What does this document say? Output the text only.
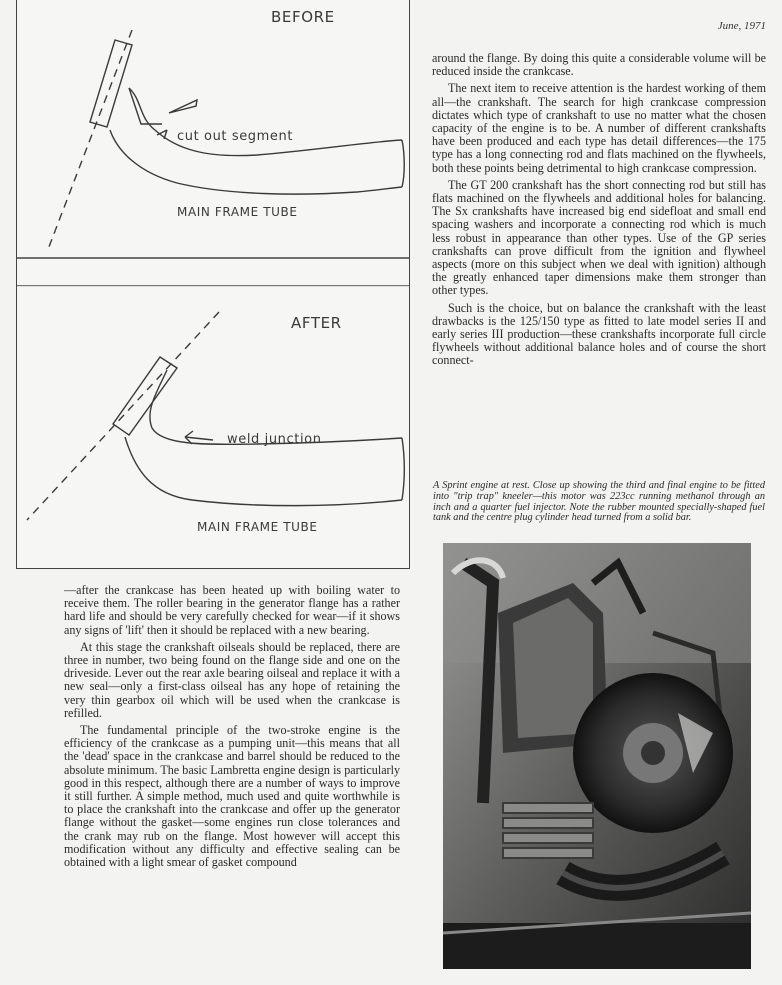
June, 1971
BEFORE
cut out segment
MAIN FRAME TUBE
AFTER
weld junction
MAIN FRAME TUBE

around the flange. By doing this quite a considerable volume will be reduced inside the crankcase.

The next item to receive attention is the hardest working of them all—the crankshaft. The search for high crankcase compression dictates which type of crankshaft to use no matter what the chosen capacity of the engine is to be. A number of different crankshafts have been produced and each type has detail differences—the 175 type has a long connecting rod and flats machined on the flywheels, both these points being detrimental to high crankcase compression.

The GT 200 crankshaft has the short connecting rod but still has flats machined on the flywheels and additional holes for balancing. The Sx crankshafts have increased big end sidefloat and small end spacing washers and incorporate a connecting rod which is much less robust in appearance than other types. Use of the GP series crankshafts can prove difficult from the ignition and flywheel aspects (more on this subject when we deal with ignition) although the greatly enhanced taper dimensions make them stronger than other types.

Such is the choice, but on balance the crankshaft with the least drawbacks is the 125/150 type as fitted to late model series II and early series III production—these crankshafts incorporate full circle flywheels without additional balance holes and of course the short connect-

A Sprint engine at rest. Close up showing the third and final engine to be fitted into "trip trap" kneeler—this motor was 223cc running methanol through an inch and a quarter fuel injector. Note the rubber mounted specially-shaped fuel tank and the centre plug cylinder head turned from a solid bar.

—after the crankcase has been heated up with boiling water to receive them. The roller bearing in the generator flange has a rather hard life and should be very carefully checked for wear—if it shows any signs of 'lift' then it should be replaced with a new bearing.

At this stage the crankshaft oilseals should be replaced, there are three in number, two being found on the flange side and one on the driveside. Lever out the rear axle bearing oilseal and replace it with a new seal—only a first-class oilseal has any hope of retaining the very thin gearbox oil which will be used when the crankcase is refilled.

The fundamental principle of the two-stroke engine is the efficiency of the crankcase as a pumping unit—this means that all the 'dead' space in the crankcase and barrel should be reduced to the absolute minimum. The basic Lambretta engine design is particularly good in this respect, although there are a number of ways to improve it still further. A simple method, much used and quite worthwhile is to place the crankshaft into the crankcase and offer up the generator flange without the gasket—some engines run close tolerances and the crank may rub on the flange. Most however will accept this modification without any difficulty and effective sealing can be obtained with a light smear of gasket compound
